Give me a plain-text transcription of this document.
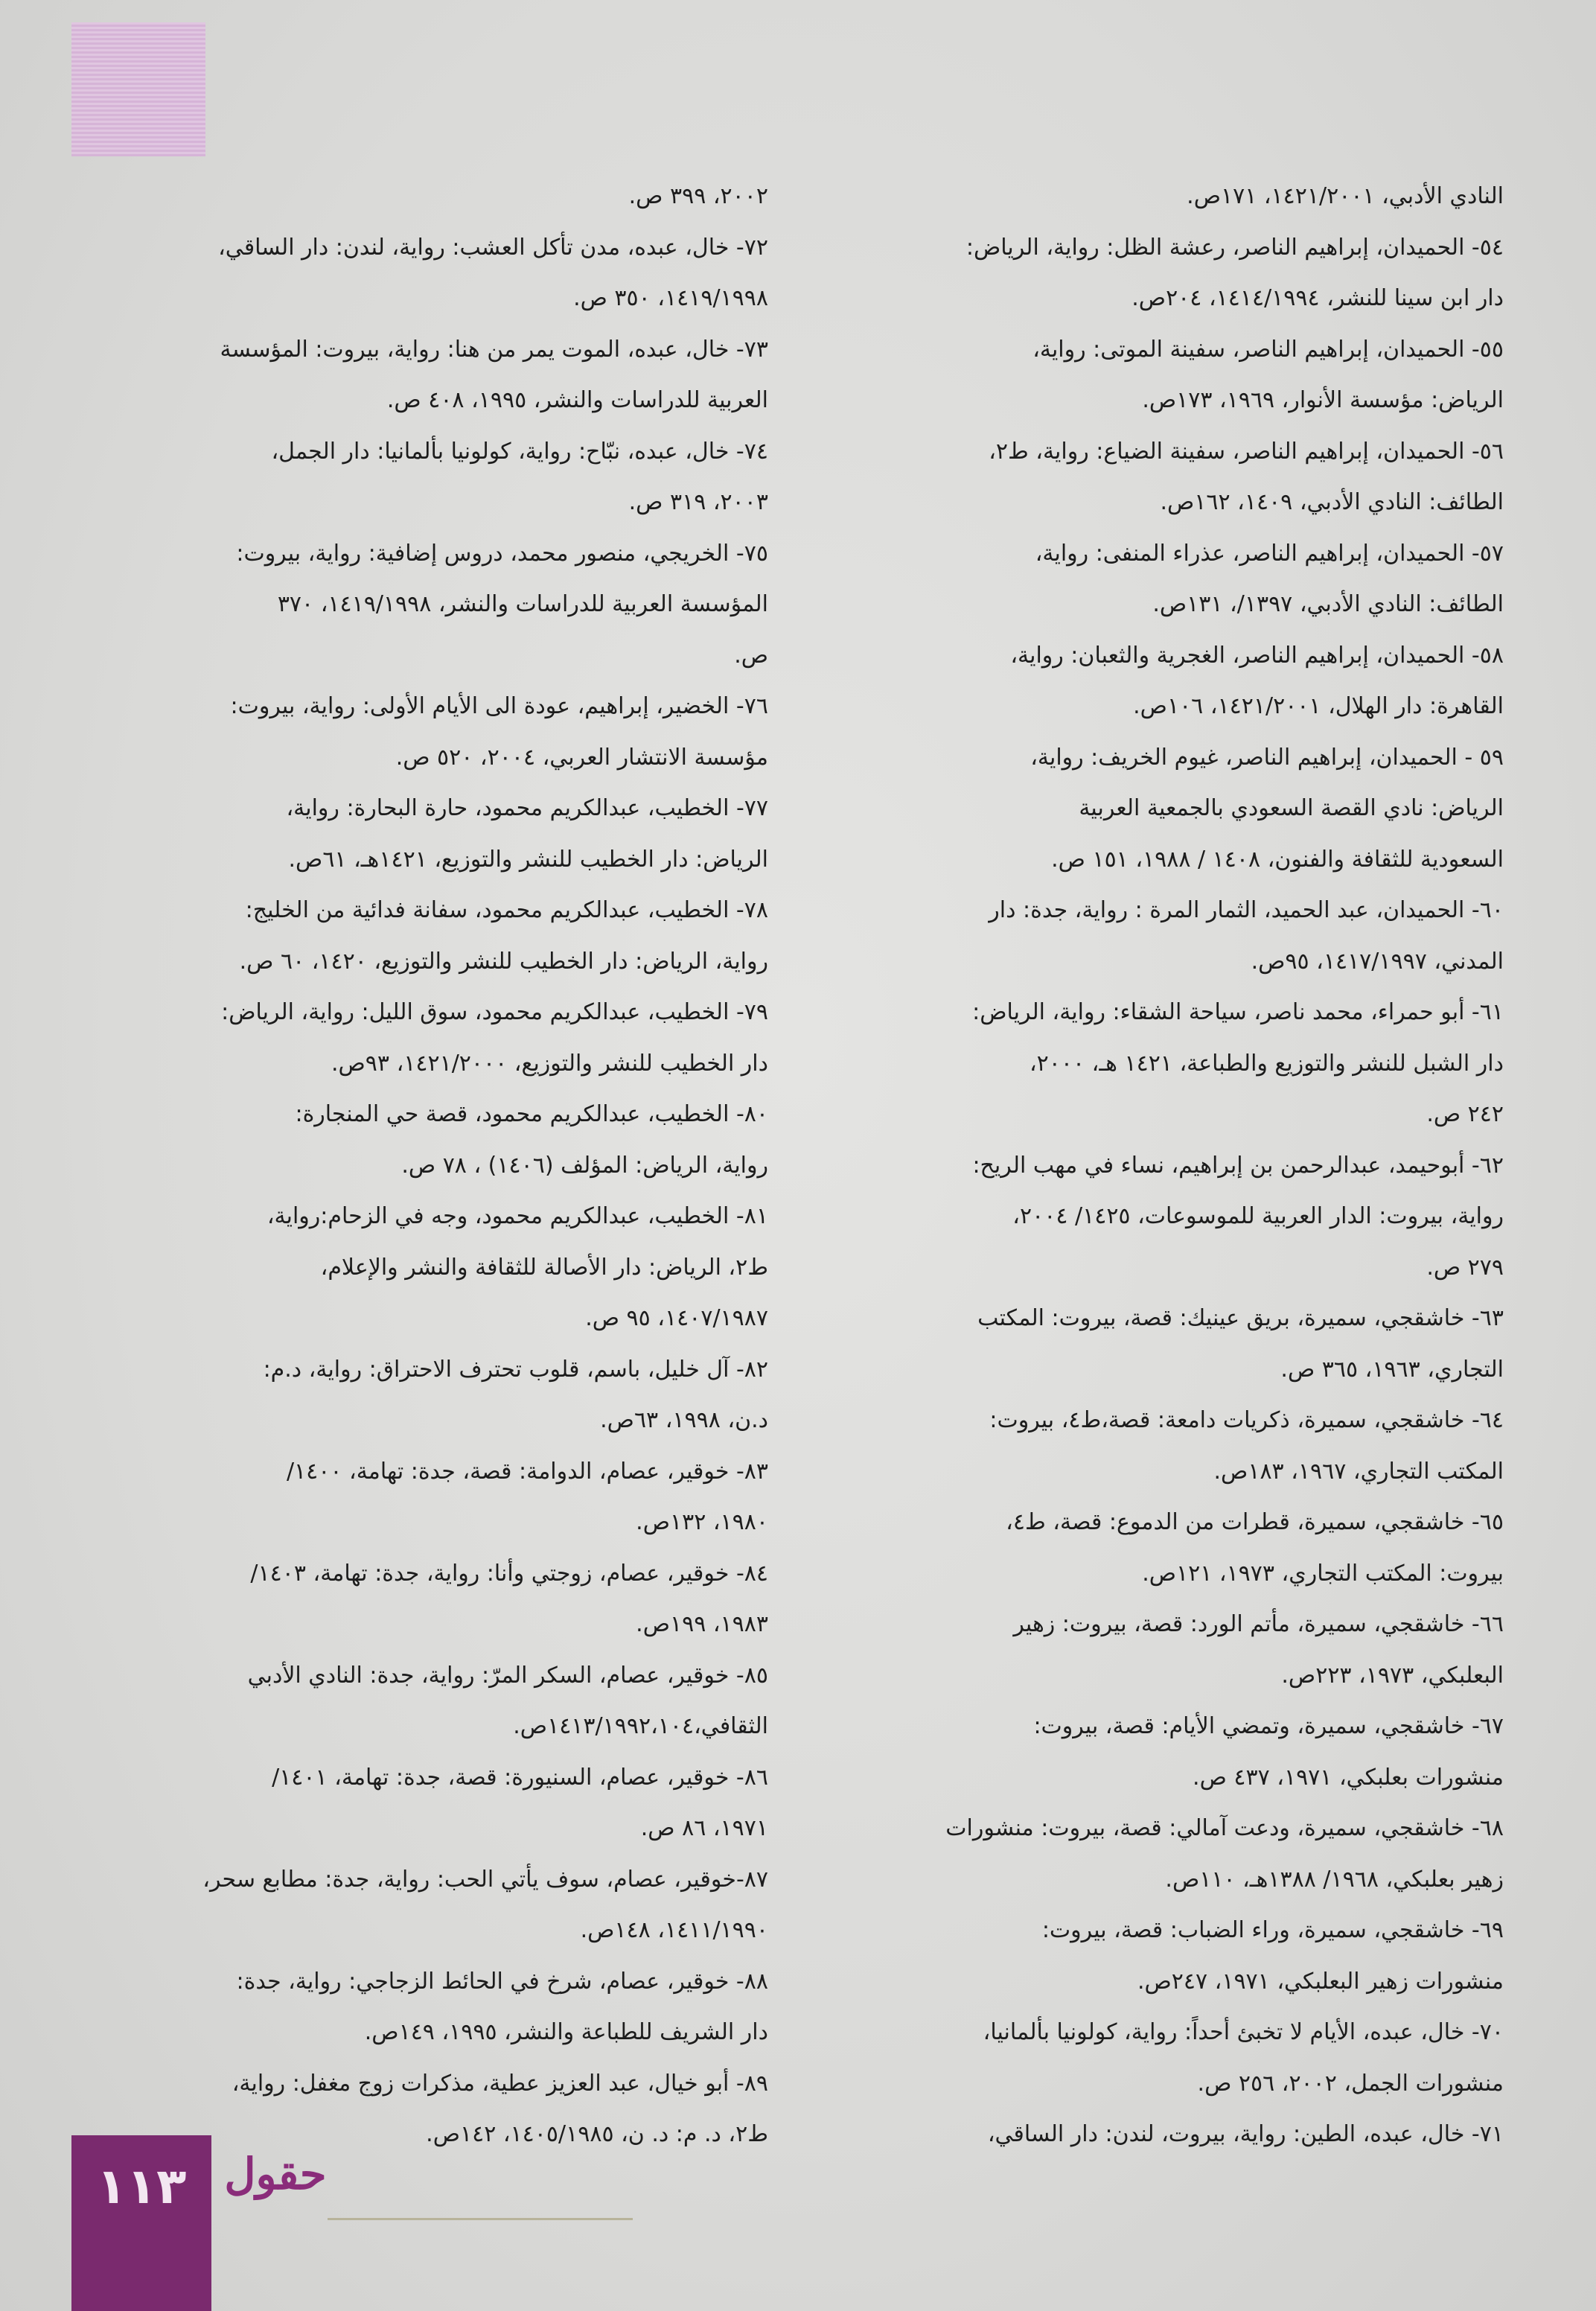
النادي الأدبي، ١٤٢١/٢٠٠١، ١٧١ص.
٥٤- الحميدان، إبراهيم الناصر، رعشة الظل: رواية، الرياض:
دار ابن سينا للنشر، ١٤١٤/١٩٩٤، ٢٠٤ص.
٥٥- الحميدان، إبراهيم الناصر، سفينة الموتى: رواية،
الرياض: مؤسسة الأنوار، ١٩٦٩، ١٧٣ص.
٥٦- الحميدان، إبراهيم الناصر، سفينة الضياع: رواية، ط٢،
الطائف: النادي الأدبي، ١٤٠٩، ١٦٢ص.
٥٧- الحميدان، إبراهيم الناصر، عذراء المنفى: رواية،
الطائف: النادي الأدبي، ١٣٩٧/، ١٣١ص.
٥٨- الحميدان، إبراهيم الناصر، الغجرية والثعبان: رواية،
القاهرة: دار الهلال، ١٤٢١/٢٠٠١، ١٠٦ص.
٥٩ - الحميدان، إبراهيم الناصر، غيوم الخريف: رواية،
الرياض: نادي القصة السعودي بالجمعية العربية
السعودية للثقافة والفنون، ١٤٠٨ / ١٩٨٨، ١٥١ ص.
٦٠- الحميدان، عبد الحميد، الثمار المرة : رواية، جدة: دار
المدني، ١٤١٧/١٩٩٧، ٩٥ص.
٦١- أبو حمراء، محمد ناصر، سياحة الشقاء: رواية، الرياض:
دار الشبل للنشر والتوزيع والطباعة، ١٤٢١ هـ، ٢٠٠٠،
٢٤٢ ص.
٦٢- أبوحيمد، عبدالرحمن بن إبراهيم، نساء في مهب الريح:
رواية، بيروت: الدار العربية للموسوعات، ١٤٢٥/ ٢٠٠٤،
٢٧٩ ص.
٦٣- خاشقجي، سميرة، بريق عينيك: قصة، بيروت: المكتب
التجاري، ١٩٦٣، ٣٦٥ ص.
٦٤- خاشقجي، سميرة، ذكريات دامعة: قصة،ط٤، بيروت:
المكتب التجاري، ١٩٦٧، ١٨٣ص.
٦٥- خاشقجي، سميرة، قطرات من الدموع: قصة، ط٤،
بيروت: المكتب التجاري، ١٩٧٣، ١٢١ص.
٦٦- خاشقجي، سميرة، مأتم الورد: قصة، بيروت: زهير
البعلبكي، ١٩٧٣، ٢٢٣ص.
٦٧- خاشقجي، سميرة، وتمضي الأيام: قصة، بيروت:
منشورات بعلبكي، ١٩٧١، ٤٣٧ ص.
٦٨- خاشقجي، سميرة، ودعت آمالي: قصة، بيروت: منشورات
زهير بعلبكي، ١٩٦٨/ ١٣٨٨هـ، ١١٠ص.
٦٩- خاشقجي، سميرة، وراء الضباب: قصة، بيروت:
منشورات زهير البعلبكي، ١٩٧١، ٢٤٧ص.
٧٠- خال، عبده، الأيام لا تخبئ أحداً: رواية، كولونيا بألمانيا،
منشورات الجمل، ٢٠٠٢، ٢٥٦ ص.
٧١- خال، عبده، الطين: رواية، بيروت، لندن: دار الساقي،
٢٠٠٢، ٣٩٩ ص.
٧٢- خال، عبده، مدن تأكل العشب: رواية، لندن: دار الساقي،
١٤١٩/١٩٩٨، ٣٥٠ ص.
٧٣- خال، عبده، الموت يمر من هنا: رواية، بيروت: المؤسسة
العربية للدراسات والنشر، ١٩٩٥، ٤٠٨ ص.
٧٤- خال، عبده، نبّاح: رواية، كولونيا بألمانيا: دار الجمل،
٢٠٠٣، ٣١٩ ص.
٧٥- الخريجي، منصور محمد، دروس إضافية: رواية، بيروت:
المؤسسة العربية للدراسات والنشر، ١٤١٩/١٩٩٨، ٣٧٠
ص.
٧٦- الخضير، إبراهيم، عودة الى الأيام الأولى: رواية، بيروت:
مؤسسة الانتشار العربي، ٢٠٠٤، ٥٢٠ ص.
٧٧- الخطيب، عبدالكريم محمود، حارة البحارة: رواية،
الرياض: دار الخطيب للنشر والتوزيع، ١٤٢١هـ، ٦١ص.
٧٨- الخطيب، عبدالكريم محمود، سفانة فدائية من الخليج:
رواية، الرياض: دار الخطيب للنشر والتوزيع، ١٤٢٠، ٦٠ ص.
٧٩- الخطيب، عبدالكريم محمود، سوق الليل: رواية، الرياض:
دار الخطيب للنشر والتوزيع، ١٤٢١/٢٠٠٠، ٩٣ص.
٨٠- الخطيب، عبدالكريم محمود، قصة حي المنجارة:
رواية، الرياض: المؤلف (١٤٠٦) ، ٧٨ ص.
٨١- الخطيب، عبدالكريم محمود، وجه في الزحام:رواية،
ط٢، الرياض: دار الأصالة للثقافة والنشر والإعلام،
١٤٠٧/١٩٨٧، ٩٥ ص.
٨٢- آل خليل، باسم، قلوب تحترف الاحتراق: رواية، د.م:
د.ن، ١٩٩٨، ٦٣ص.
٨٣- خوقير، عصام، الدوامة: قصة، جدة: تهامة، ١٤٠٠/
١٩٨٠، ١٣٢ص.
٨٤- خوقير، عصام، زوجتي وأنا: رواية، جدة: تهامة، ١٤٠٣/
١٩٨٣، ١٩٩ص.
٨٥- خوقير، عصام، السكر المرّ: رواية، جدة: النادي الأدبي
الثقافي،١٤١٣/١٩٩٢،١٠٤ص.
٨٦- خوقير، عصام، السنيورة: قصة، جدة: تهامة، ١٤٠١/
١٩٧١، ٨٦ ص.
٨٧-خوقير، عصام، سوف يأتي الحب: رواية، جدة: مطابع سحر،
١٤١١/١٩٩٠، ١٤٨ص.
٨٨- خوقير، عصام، شرخ في الحائط الزجاجي: رواية، جدة:
دار الشريف للطباعة والنشر، ١٩٩٥، ١٤٩ص.
٨٩- أبو خيال، عبد العزيز عطية، مذكرات زوج مغفل: رواية،
ط٢، د. م: د. ن، ١٤٠٥/١٩٨٥، ١٤٢ص.
١١٣ حقول
